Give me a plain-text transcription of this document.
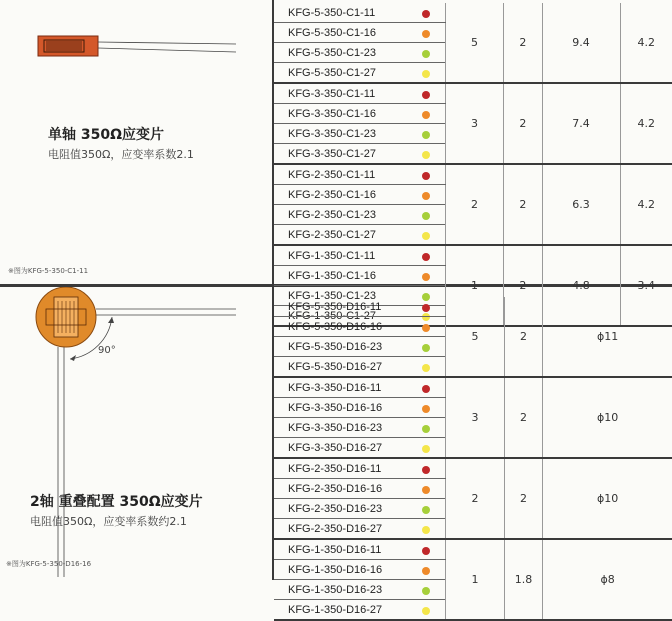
单轴 350Ω应变片
电阻值350Ω，应变率系数2.1
※图为KFG-5-350-C1-11
90°
2轴 重叠配置 350Ω应变片
电阻值350Ω，应变率系数约2.1
※图为KFG-5-350-D16-16
KFG-5-350-C1-11		5	2	9.4	4.2
KFG-5-350-C1-16					
KFG-5-350-C1-23					
KFG-5-350-C1-27					
KFG-3-350-C1-11		3	2	7.4	4.2
KFG-3-350-C1-16					
KFG-3-350-C1-23					
KFG-3-350-C1-27					
KFG-2-350-C1-11		2	2	6.3	4.2
KFG-2-350-C1-16					
KFG-2-350-C1-23					
KFG-2-350-C1-27					
KFG-1-350-C1-11		1	2	4.8	3.4
KFG-1-350-C1-16					
KFG-1-350-C1-23					
KFG-1-350-C1-27					
KFG-5-350-D16-11		5	2	ϕ11
KFG-5-350-D16-16				
KFG-5-350-D16-23				
KFG-5-350-D16-27				
KFG-3-350-D16-11		3	2	ϕ10
KFG-3-350-D16-16				
KFG-3-350-D16-23				
KFG-3-350-D16-27				
KFG-2-350-D16-11		2	2	ϕ10
KFG-2-350-D16-16				
KFG-2-350-D16-23				
KFG-2-350-D16-27				
KFG-1-350-D16-11		1	1.8	ϕ8
KFG-1-350-D16-16				
KFG-1-350-D16-23				
KFG-1-350-D16-27				
